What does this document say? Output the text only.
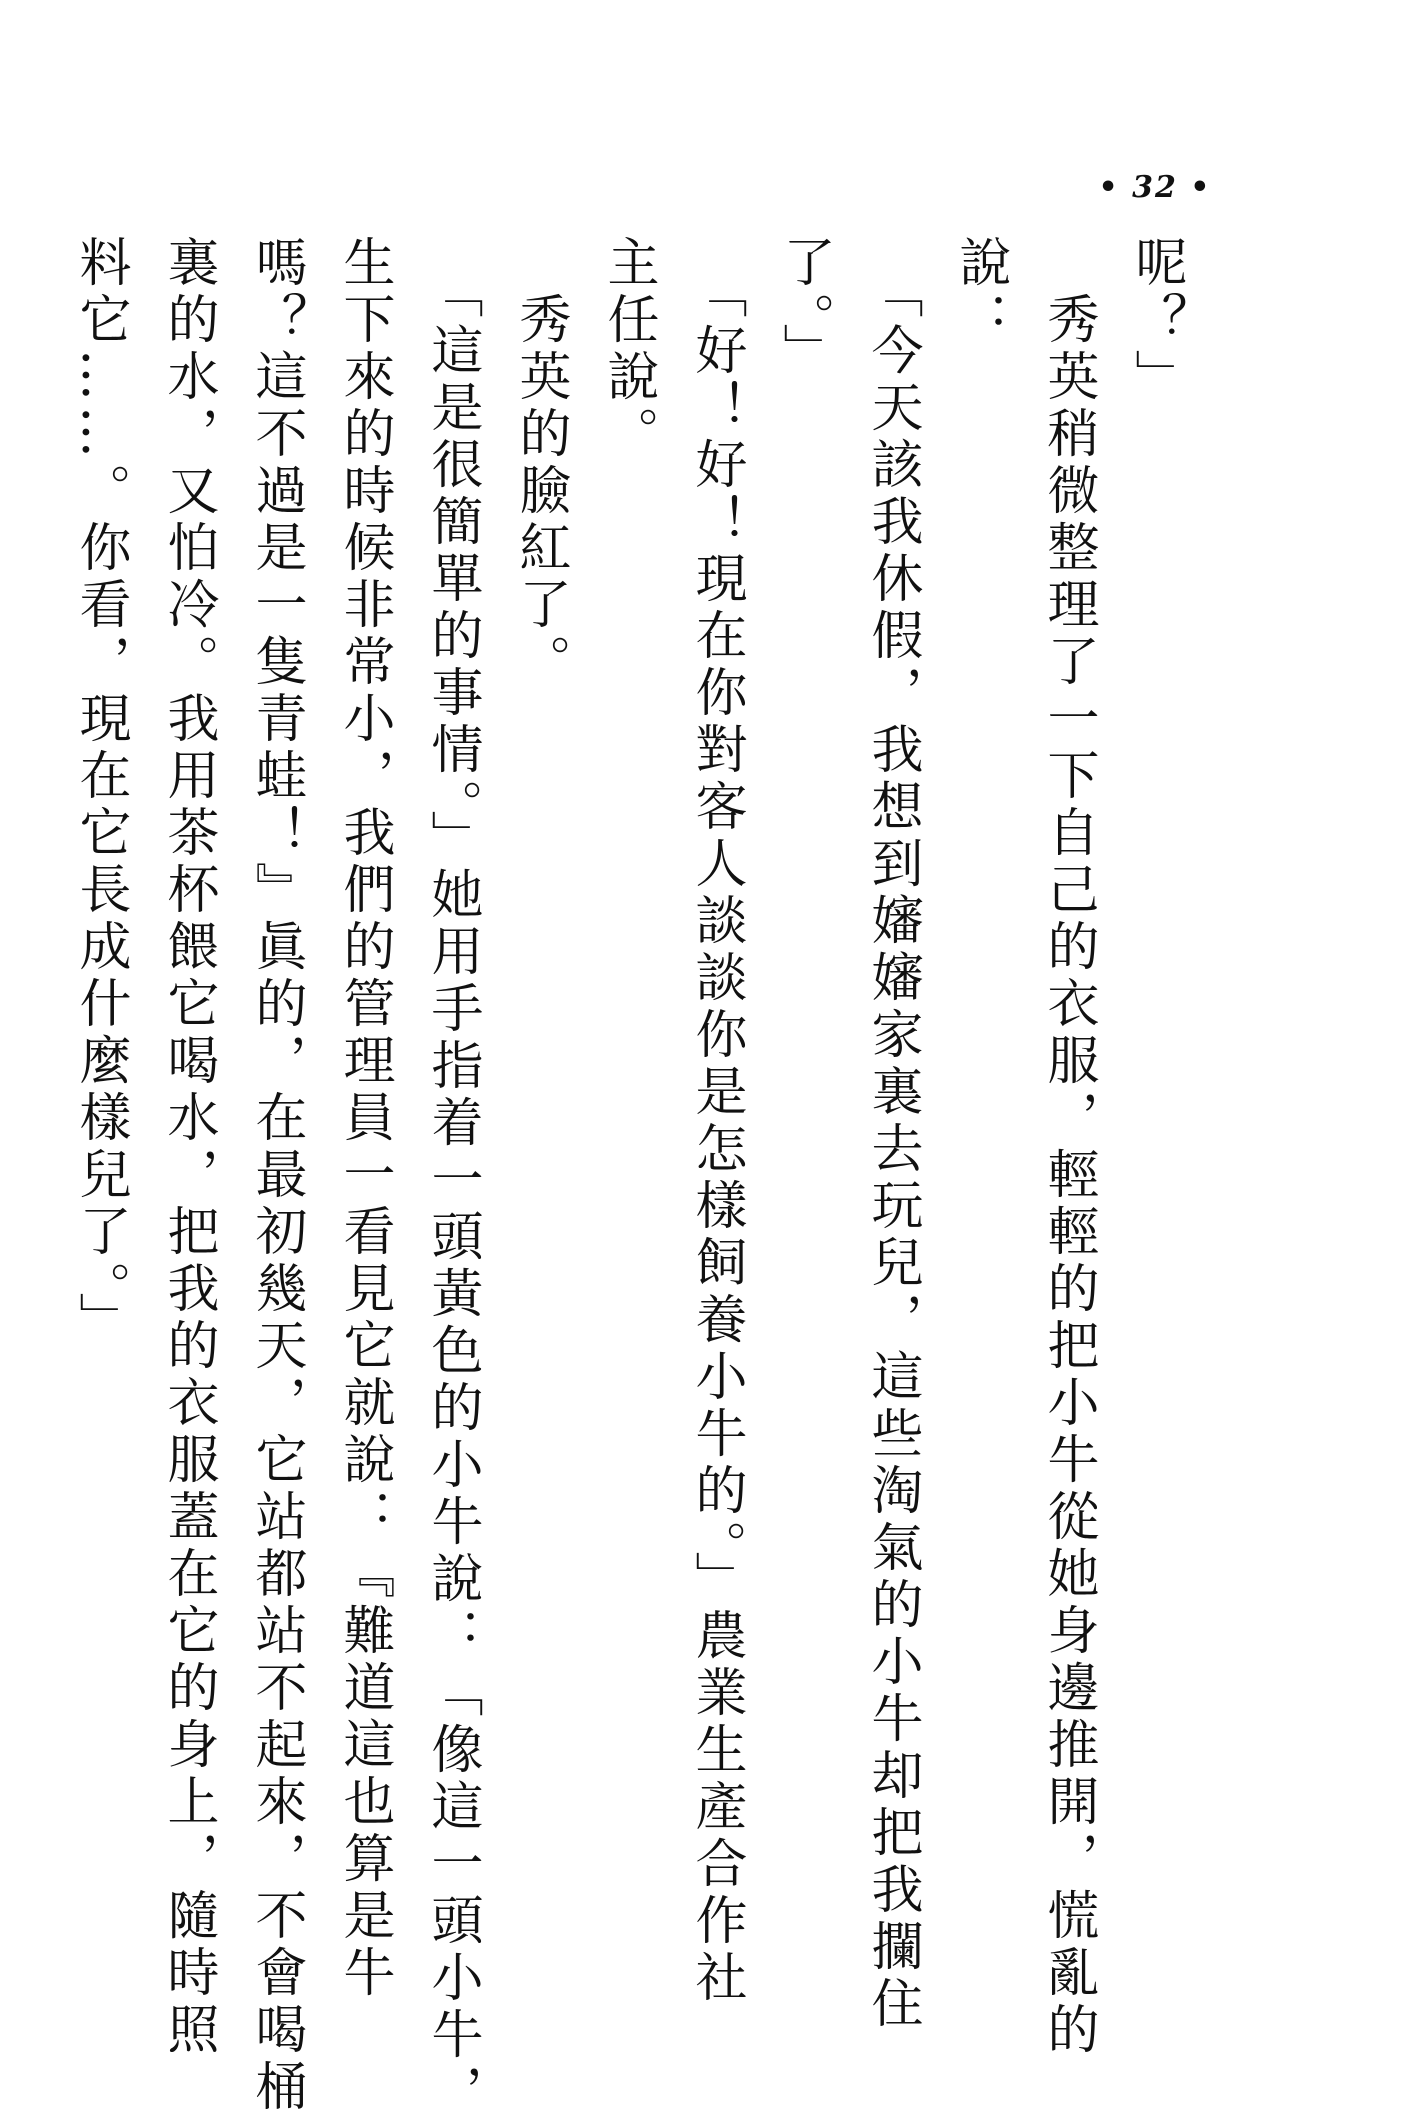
• 32 •
呢？」
　秀英稍微整理了一下自己的衣服，輕輕的把小牛從她身邊推開，慌亂的
說：
　「今天該我休假，我想到嬸嬸家裏去玩兒，這些淘氣的小牛却把我攔住
了。」
　「好！好！現在你對客人談談你是怎樣飼養小牛的。」農業生產合作社
主任說。
　秀英的臉紅了。
　「這是很簡單的事情。」她用手指着一頭黃色的小牛說：「像這一頭小牛，
生下來的時候非常小，我們的管理員一看見它就說：『難道這也算是牛
嗎？這不過是一隻青蛙！』眞的，在最初幾天，它站都站不起來，不會喝桶
裏的水，又怕冷。我用茶杯餵它喝水，把我的衣服蓋在它的身上，隨時照
料它……。你看，現在它長成什麼樣兒了。」
